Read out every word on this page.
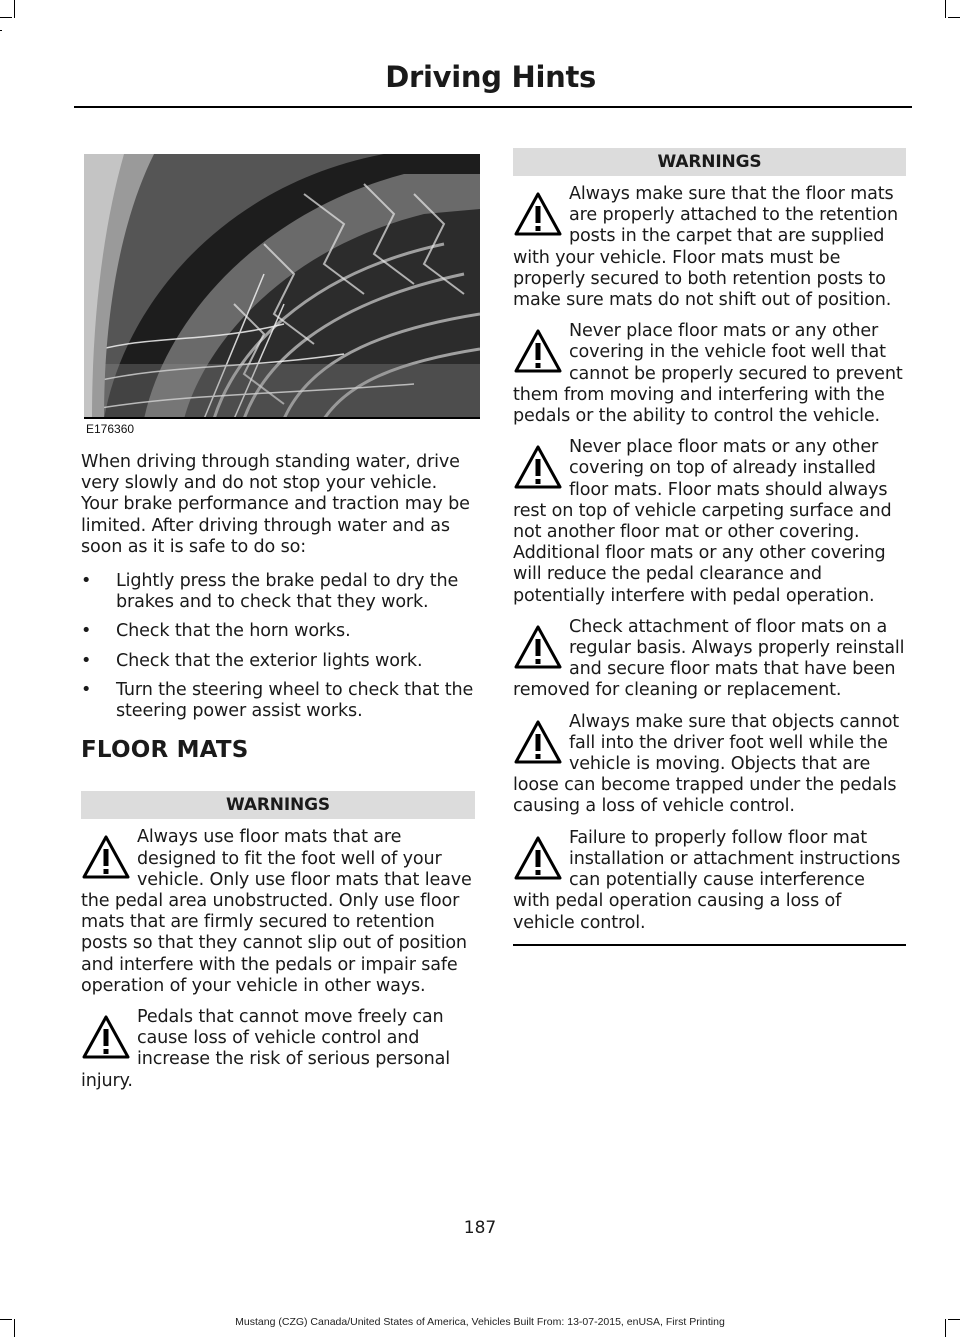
Driving Hints
E176360

When driving through standing water, drive very slowly and do not stop your vehicle. Your brake performance and traction may be limited. After driving through water and as soon as it is safe to do so:

• Lightly press the brake pedal to dry the brakes and to check that they work.
• Check that the horn works.
• Check that the exterior lights work.
• Turn the steering wheel to check that the steering power assist works.
FLOOR MATS
WARNINGS

Always use floor mats that are designed to fit the foot well of your vehicle. Only use floor mats that leave the pedal area unobstructed. Only use floor mats that are firmly secured to retention posts so that they cannot slip out of position and interfere with the pedals or impair safe operation of your vehicle in other ways.

Pedals that cannot move freely can cause loss of vehicle control and increase the risk of serious personal injury.

WARNINGS

Always make sure that the floor mats are properly attached to the retention posts in the carpet that are supplied with your vehicle. Floor mats must be properly secured to both retention posts to make sure mats do not shift out of position.

Never place floor mats or any other covering in the vehicle foot well that cannot be properly secured to prevent them from moving and interfering with the pedals or the ability to control the vehicle.

Never place floor mats or any other covering on top of already installed floor mats. Floor mats should always rest on top of vehicle carpeting surface and not another floor mat or other covering. Additional floor mats or any other covering will reduce the pedal clearance and potentially interfere with pedal operation.

Check attachment of floor mats on a regular basis. Always properly reinstall and secure floor mats that have been removed for cleaning or replacement.

Always make sure that objects cannot fall into the driver foot well while the vehicle is moving. Objects that are loose can become trapped under the pedals causing a loss of vehicle control.

Failure to properly follow floor mat installation or attachment instructions can potentially cause interference with pedal operation causing a loss of vehicle control.

187
Mustang (CZG) Canada/United States of America, Vehicles Built From: 13-07-2015, enUSA, First Printing
